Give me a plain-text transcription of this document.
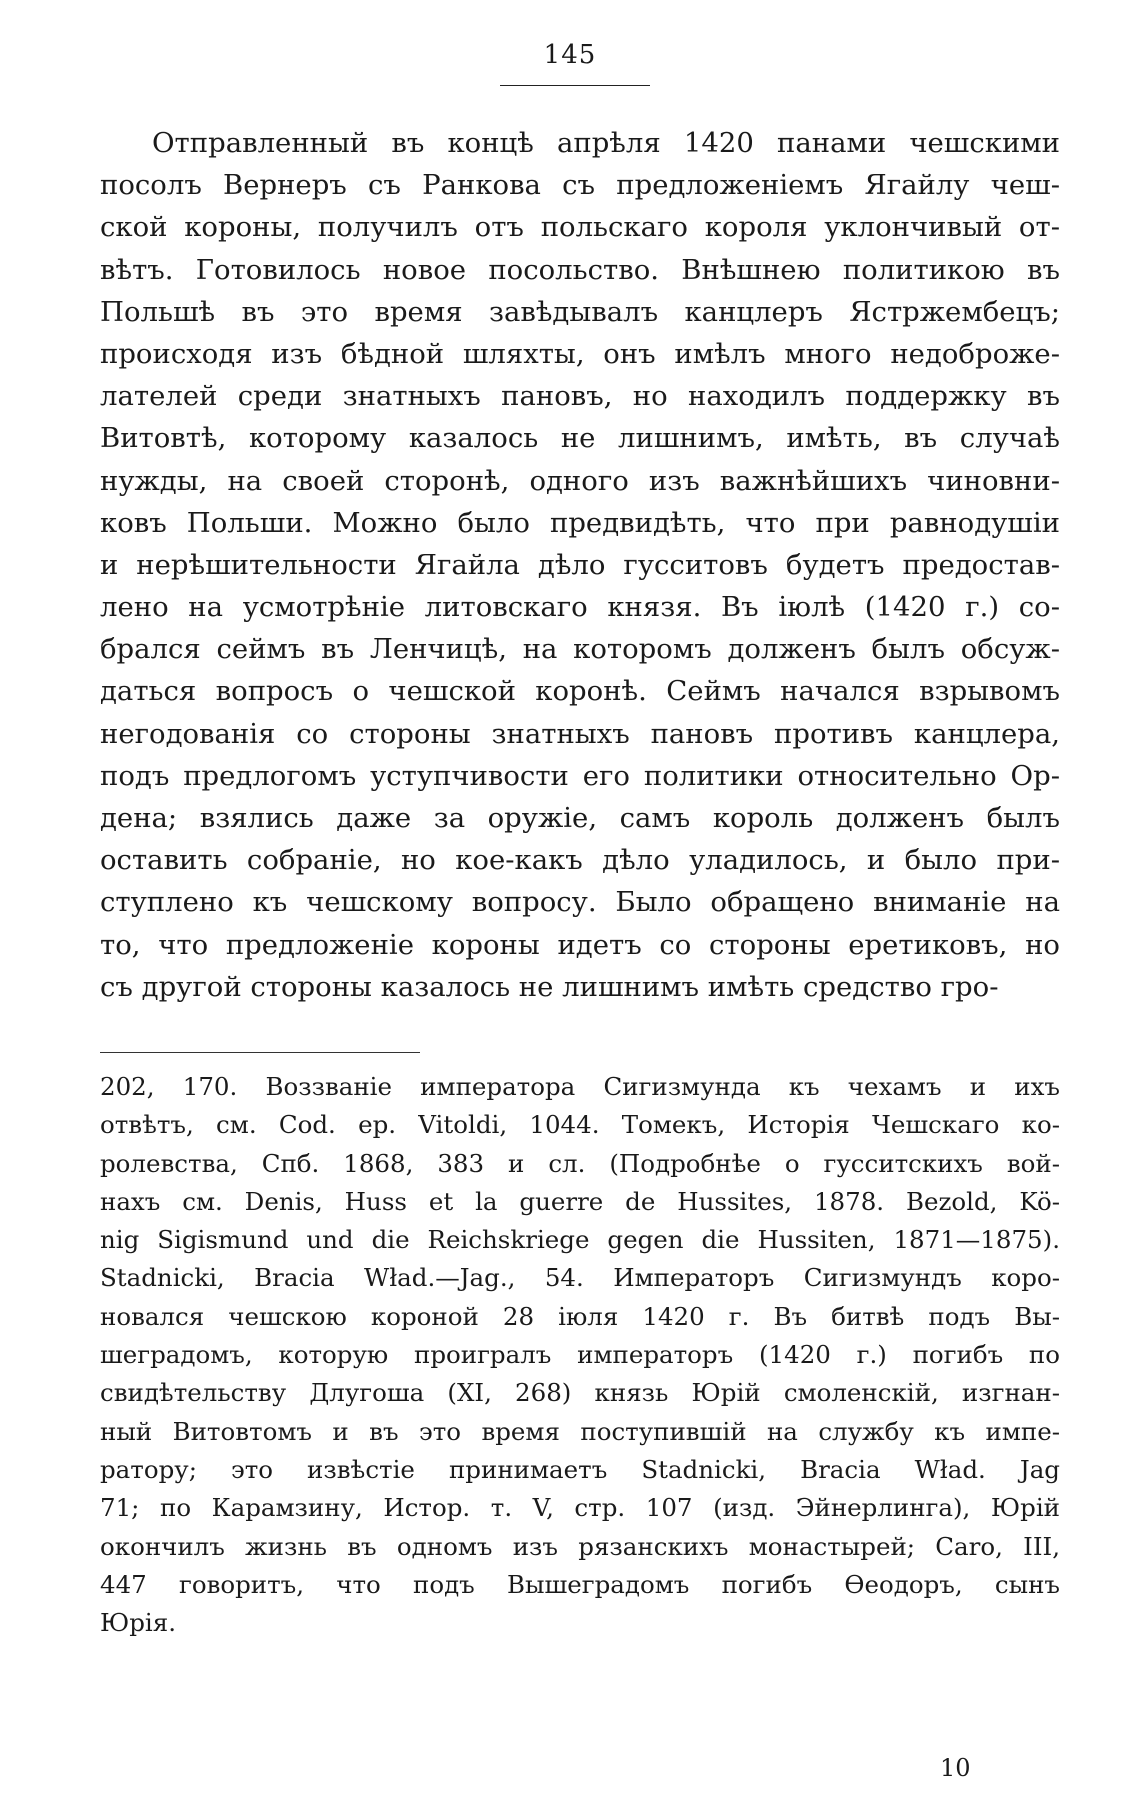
145
Отправленный въ концѣ апрѣля 1420 панами чешскими
посолъ Вернеръ съ Ранкова съ предложеніемъ Ягайлу чеш-
ской короны, получилъ отъ польскаго короля уклончивый от-
вѣтъ. Готовилось новое посольство. Внѣшнею политикою въ
Польшѣ въ это время завѣдывалъ канцлеръ Ястржембецъ;
происходя изъ бѣдной шляхты, онъ имѣлъ много недоброже-
лателей среди знатныхъ пановъ, но находилъ поддержку въ
Витовтѣ, которому казалось не лишнимъ, имѣть, въ случаѣ
нужды, на своей сторонѣ, одного изъ важнѣйшихъ чиновни-
ковъ Польши. Можно было предвидѣть, что при равнодушіи
и нерѣшительности Ягайла дѣло гусситовъ будетъ предостав-
лено на усмотрѣніе литовскаго князя. Въ іюлѣ (1420 г.) со-
брался сеймъ въ Ленчицѣ, на которомъ долженъ былъ обсуж-
даться вопросъ о чешской коронѣ. Сеймъ начался взрывомъ
негодованія со стороны знатныхъ пановъ противъ канцлера,
подъ предлогомъ уступчивости его политики относительно Ор-
дена; взялись даже за оружіе, самъ король долженъ былъ
оставить собраніе, но кое-какъ дѣло уладилось, и было при-
ступлено къ чешскому вопросу. Было обращено вниманіе на
то, что предложеніе короны идетъ со стороны еретиковъ, но
съ другой стороны казалось не лишнимъ имѣть средство гро-
202, 170. Воззваніе императора Сигизмунда къ чехамъ и ихъ
отвѣтъ, см. Cod. ep. Vitoldi, 1044. Томекъ, Исторія Чешскаго ко-
ролевства, Спб. 1868, 383 и сл. (Подробнѣе о гусситскихъ вой-
нахъ см. Denis, Huss et la guerre de Hussites, 1878. Bezold, Kö-
nig Sigismund und die Reichskriege gegen die Hussiten, 1871—1875).
Stadnicki, Bracia Wład.—Jag., 54. Императоръ Сигизмундъ коро-
новался чешскою короной 28 іюля 1420 г. Въ битвѣ подъ Вы-
шеградомъ, которую проигралъ императоръ (1420 г.) погибъ по
свидѣтельству Длугоша (XI, 268) князь Юрій смоленскій, изгнан-
ный Витовтомъ и въ это время поступившій на службу къ импе-
ратору; это извѣстіе принимаетъ Stadnicki, Bracia Wład. Jag
71; по Карамзину, Истор. т. V, стр. 107 (изд. Эйнерлинга), Юрій
окончилъ жизнь въ одномъ изъ рязанскихъ монастырей; Caro, III,
447 говоритъ, что подъ Вышеградомъ погибъ Өеодоръ, сынъ
Юрія.
10
